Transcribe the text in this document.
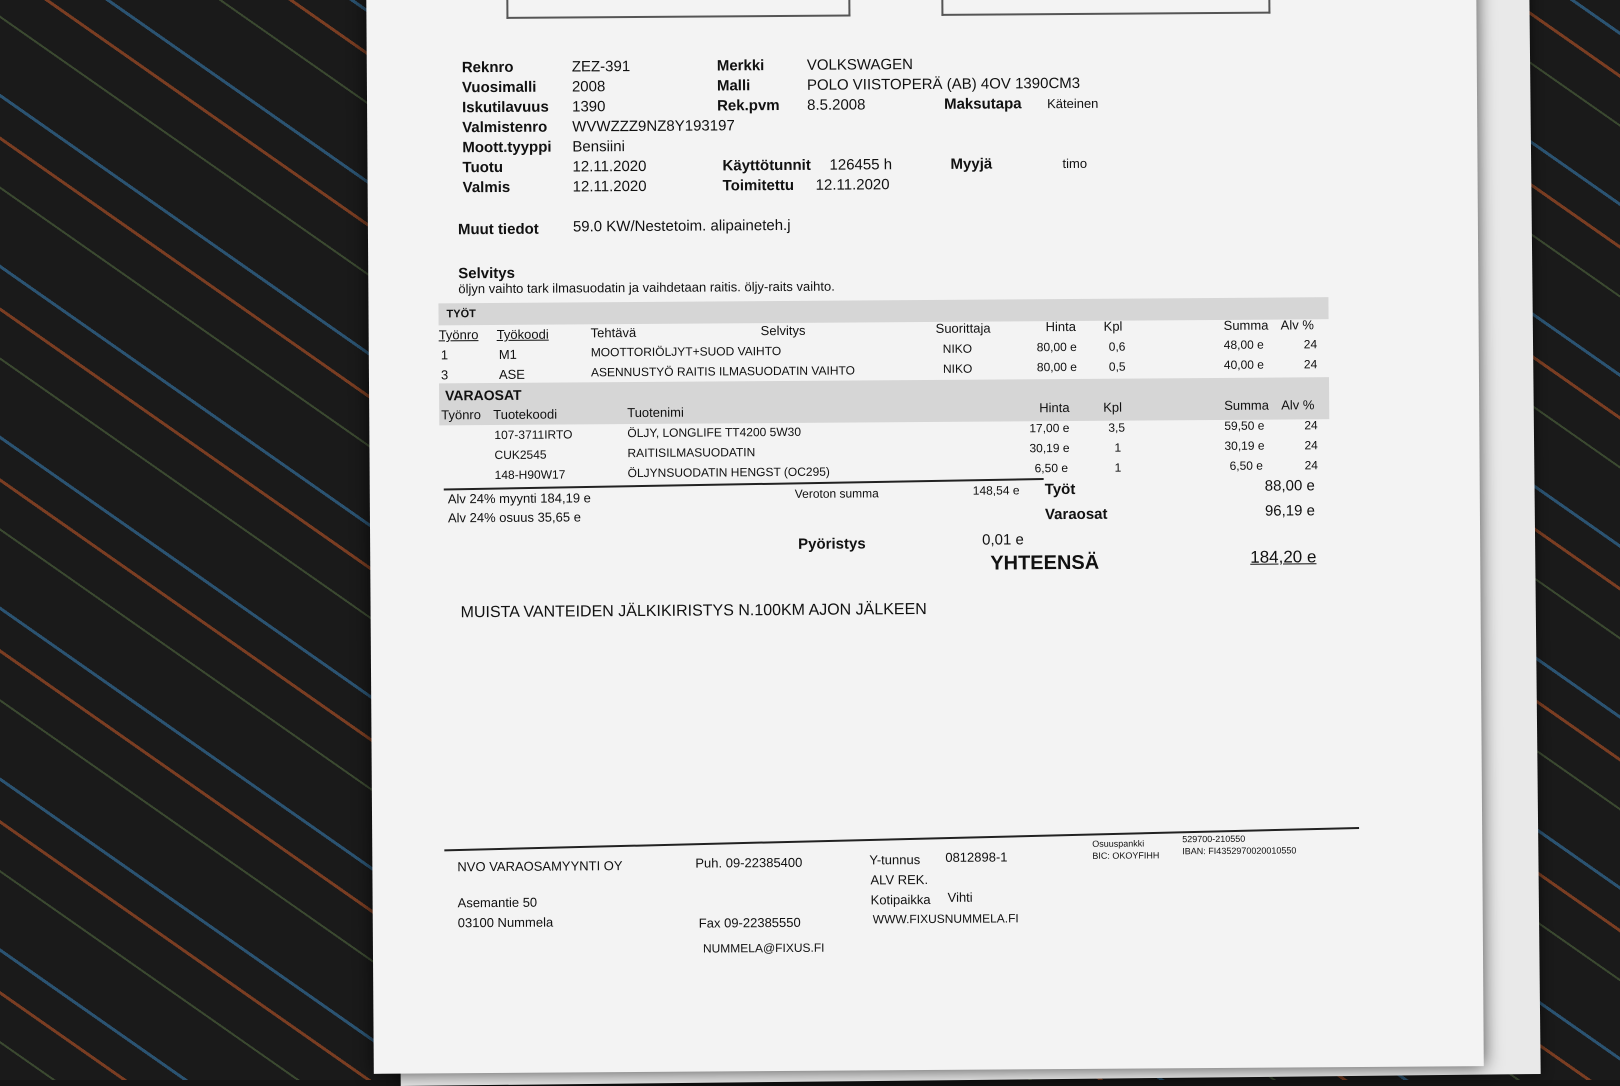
Reknro	ZEZ-391	Merkki	VOLKSWAGEN
Vuosimalli 2008	Malli	POLO VIISTOPERÄ (AB) 4OV 1390CM3
Iskutilavuus 1390	Rek.pvm 8.5.2008	Maksutapa Käteinen
Valmistenro WVWZZZ9NZ8Y193197
Moott.tyyppi Bensiini
Tuotu	12.11.2020	Käyttötunnit 126455 h	Myyjä	timo
Valmis	12.11.2020	Toimitettu 12.11.2020
Muut tiedot 59.0 KW/Nestetoim. alipaineteh.j
Selvitys
öljyn vaihto tark ilmasuodatin ja vaihdetaan raitis. öljy-raits vaihto.
TYÖT
Työnro Työkoodi	Tehtävä	Selvitys	Suorittaja	Hinta Kpl	Summa Alv %
1	M1	MOOTTORIÖLJYT+SUOD VAIHTO	NIKO	80,00 e	0,6	48,00 e	24
3	ASE	ASENNUSTYÖ RAITIS ILMASUODATIN VAIHTO	NIKO	80,00 e	0,5	40,00 e	24
VARAOSAT
Työnro Tuotekoodi	Tuotenimi	Hinta	Kpl	Summa Alv %
107-3711IRTO	ÖLJY, LONGLIFE TT4200 5W30	17,00 e	3,5	59,50 e	24
CUK2545	RAITISILMASUODATIN	30,19 e	1	30,19 e	24
148-H90W17	ÖLJYNSUODATIN HENGST (OC295)	6,50 e	1	6,50 e	24
Alv 24% myynti 184,19 e
Alv 24% osuus 35,65 e
Veroton summa	148,54 e Työt	88,00 e
Varaosat	96,19 e
Pyöristys	0,01 e
YHTEENSÄ	184,20 e
MUISTA VANTEIDEN JÄLKIKIRISTYS N.100KM AJON JÄLKEEN
NVO VARAOSAMYYNTI OY
Asemantie 50
03100 Nummela
Puh. 09-22385400
Fax 09-22385550
NUMMELA@FIXUS.FI
Y-tunnus 0812898-1
ALV REK.
Kotipaikka Vihti
WWW.FIXUSNUMMELA.FI
Osuuspankki
BIC: OKOYFIHH
529700-210550
IBAN: FI4352970020010550
